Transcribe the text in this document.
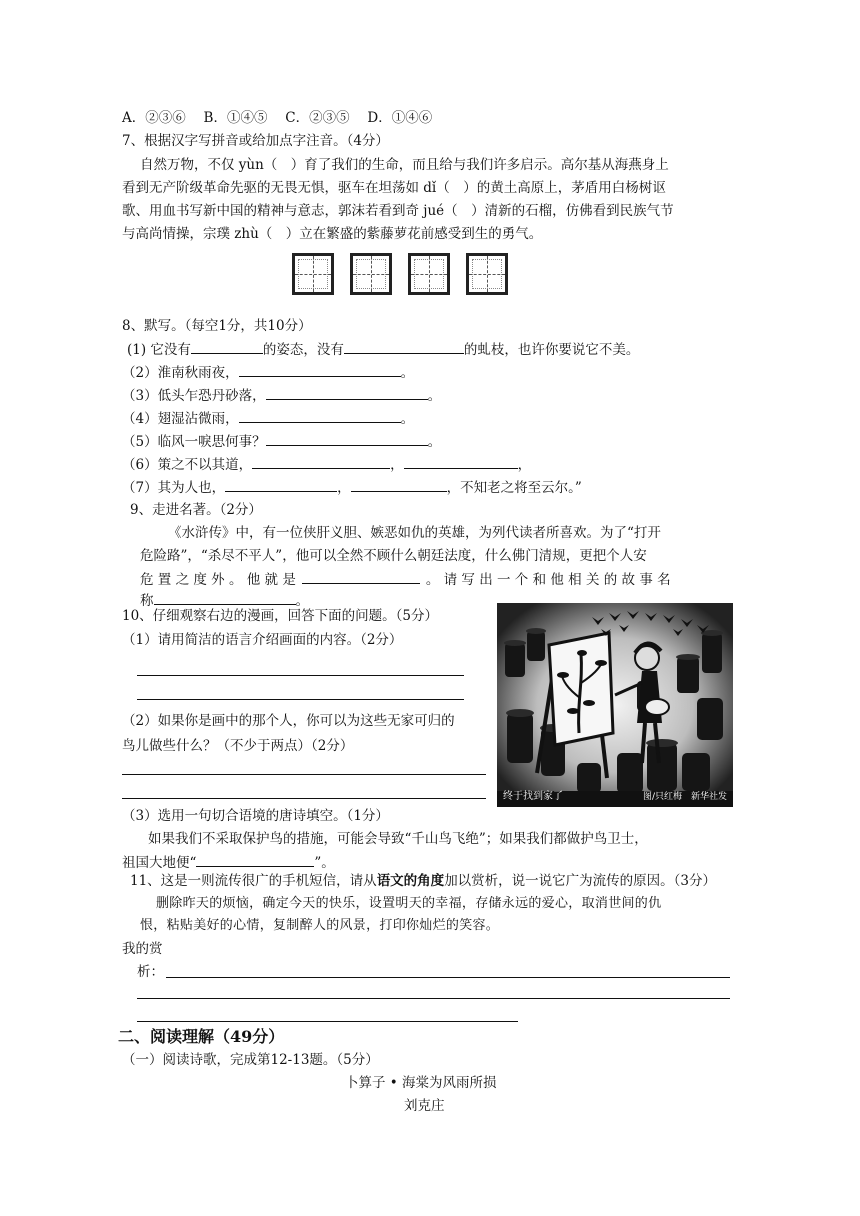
A．②③⑥　 B．①④⑤　 C．②③⑤ 　D．①④⑥
7、根据汉字写拼音或给加点字注音。（4分）
自然万物，不仅 yùn（　）育了我们的生命，而且给与我们许多启示。高尔基从海燕身上
看到无产阶级革命先驱的无畏无惧，驱车在坦荡如 dǐ（　）的黄土高原上，茅盾用白杨树讴
歌、用血书写新中国的精神与意志，郭沫若看到奇 jué（　）清新的石榴，仿佛看到民族气节
与高尚情操，宗璞 zhù（　）立在繁盛的紫藤萝花前感受到生的勇气。
8、默写。（每空1分，共10分）
(1) 它没有	的姿态，没有	的虬枝，也许你要说它不美。
（2）淮南秋雨夜，	。
（3）低头乍恐丹砂落，	。
（4）翅湿沾微雨，	。
（5）临风一唳思何事？	。
（6）策之不以其道，	，	，
（7）其为人也，	，	，不知老之将至云尔。”
9、走进名著。（2分）
《水浒传》中，有一位侠肝义胆、嫉恶如仇的英雄，为列代读者所喜欢。为了“打开
危险路”，“杀尽不平人”，他可以全然不顾什么朝廷法度，什么佛门清规，更把个人安
危 置 之 度 外 。 他 就 是	。 请 写 出 一 个 和 他 相 关 的 故 事 名
称	。
10、仔细观察右边的漫画，回答下面的问题。（5分）
（1）请用简洁的语言介绍画面的内容。（2分）
（2）如果你是画中的那个人，你可以为这些无家可归的
鸟儿做些什么？（不少于两点）（2分）
（3）选用一句切合语境的唐诗填空。（1分）
如果我们不采取保护鸟的措施，可能会导致“千山鸟飞绝”；如果我们都做护鸟卫士，
祖国大地便“	”。
终于找到家了	图/只红梅　新华社发
11、这是一则流传很广的手机短信，请从语文的角度加以赏析，说一说它广为流传的原因。（3分）
删除昨天的烦恼，确定今天的快乐，设置明天的幸福，存储永远的爱心，取消世间的仇
恨，粘贴美好的心情，复制醉人的风景，打印你灿烂的笑容。
我的赏
析：
二、阅读理解（49分）
（一）阅读诗歌，完成第12-13题。（5分）
卜算子 • 海棠为风雨所损
刘克庄
